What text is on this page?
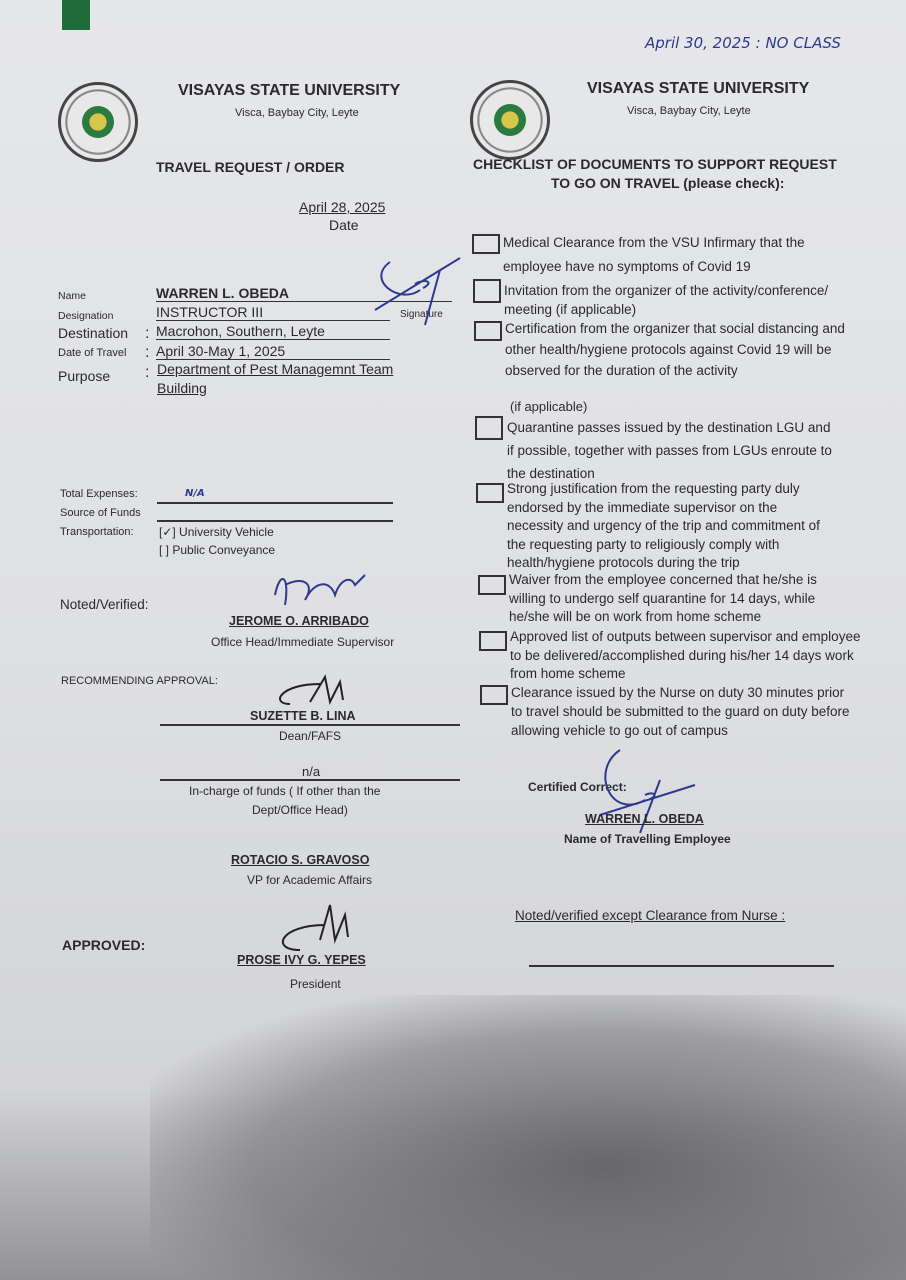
April 30, 2025 : NO CLASS
VISAYAS STATE UNIVERSITY
Visca, Baybay City, Leyte
TRAVEL REQUEST / ORDER
April 28, 2025
Date
Name	WARREN L. OBEDA
Designation	INSTRUCTOR III	Signature
Destination : Macrohon, Southern, Leyte
Date of Travel : April 30-May 1, 2025
Purpose : Department of Pest Managemnt Team
Building
Total Expenses:	N/A
Source of Funds
Transportation: [✓] University Vehicle
[ ] Public Conveyance
Noted/Verified:
JEROME O. ARRIBADO
Office Head/Immediate Supervisor
RECOMMENDING APPROVAL:
SUZETTE B. LINA
Dean/FAFS
n/a
In-charge of funds ( If other than the
Dept/Office Head)
ROTACIO S. GRAVOSO
VP for Academic Affairs
APPROVED:
PROSE IVY G. YEPES
President
VISAYAS STATE UNIVERSITY
Visca, Baybay City, Leyte
CHECKLIST OF DOCUMENTS TO SUPPORT REQUEST
TO GO ON TRAVEL (please check):
Medical Clearance from the VSU Infirmary that the employee have no symptoms of Covid 19
Invitation from the organizer of the activity/conference/ meeting (if applicable)
Certification from the organizer that social distancing and other health/hygiene protocols against Covid 19 will be observed for the duration of the activity
(if applicable)
Quarantine passes issued by the destination LGU and if possible, together with passes from LGUs enroute to the destination
Strong justification from the requesting party duly endorsed by the immediate supervisor on the necessity and urgency of the trip and commitment of the requesting party to religiously comply with health/hygiene protocols during the trip
Waiver from the employee concerned that he/she is willing to undergo self quarantine for 14 days, while he/she will be on work from home scheme
Approved list of outputs between supervisor and employee to be delivered/accomplished during his/her 14 days work from home scheme
Clearance issued by the Nurse on duty 30 minutes prior to travel should be submitted to the guard on duty before allowing vehicle to go out of campus
Certified Correct:
WARREN L. OBEDA
Name of Travelling Employee
Noted/verified except Clearance from Nurse :
